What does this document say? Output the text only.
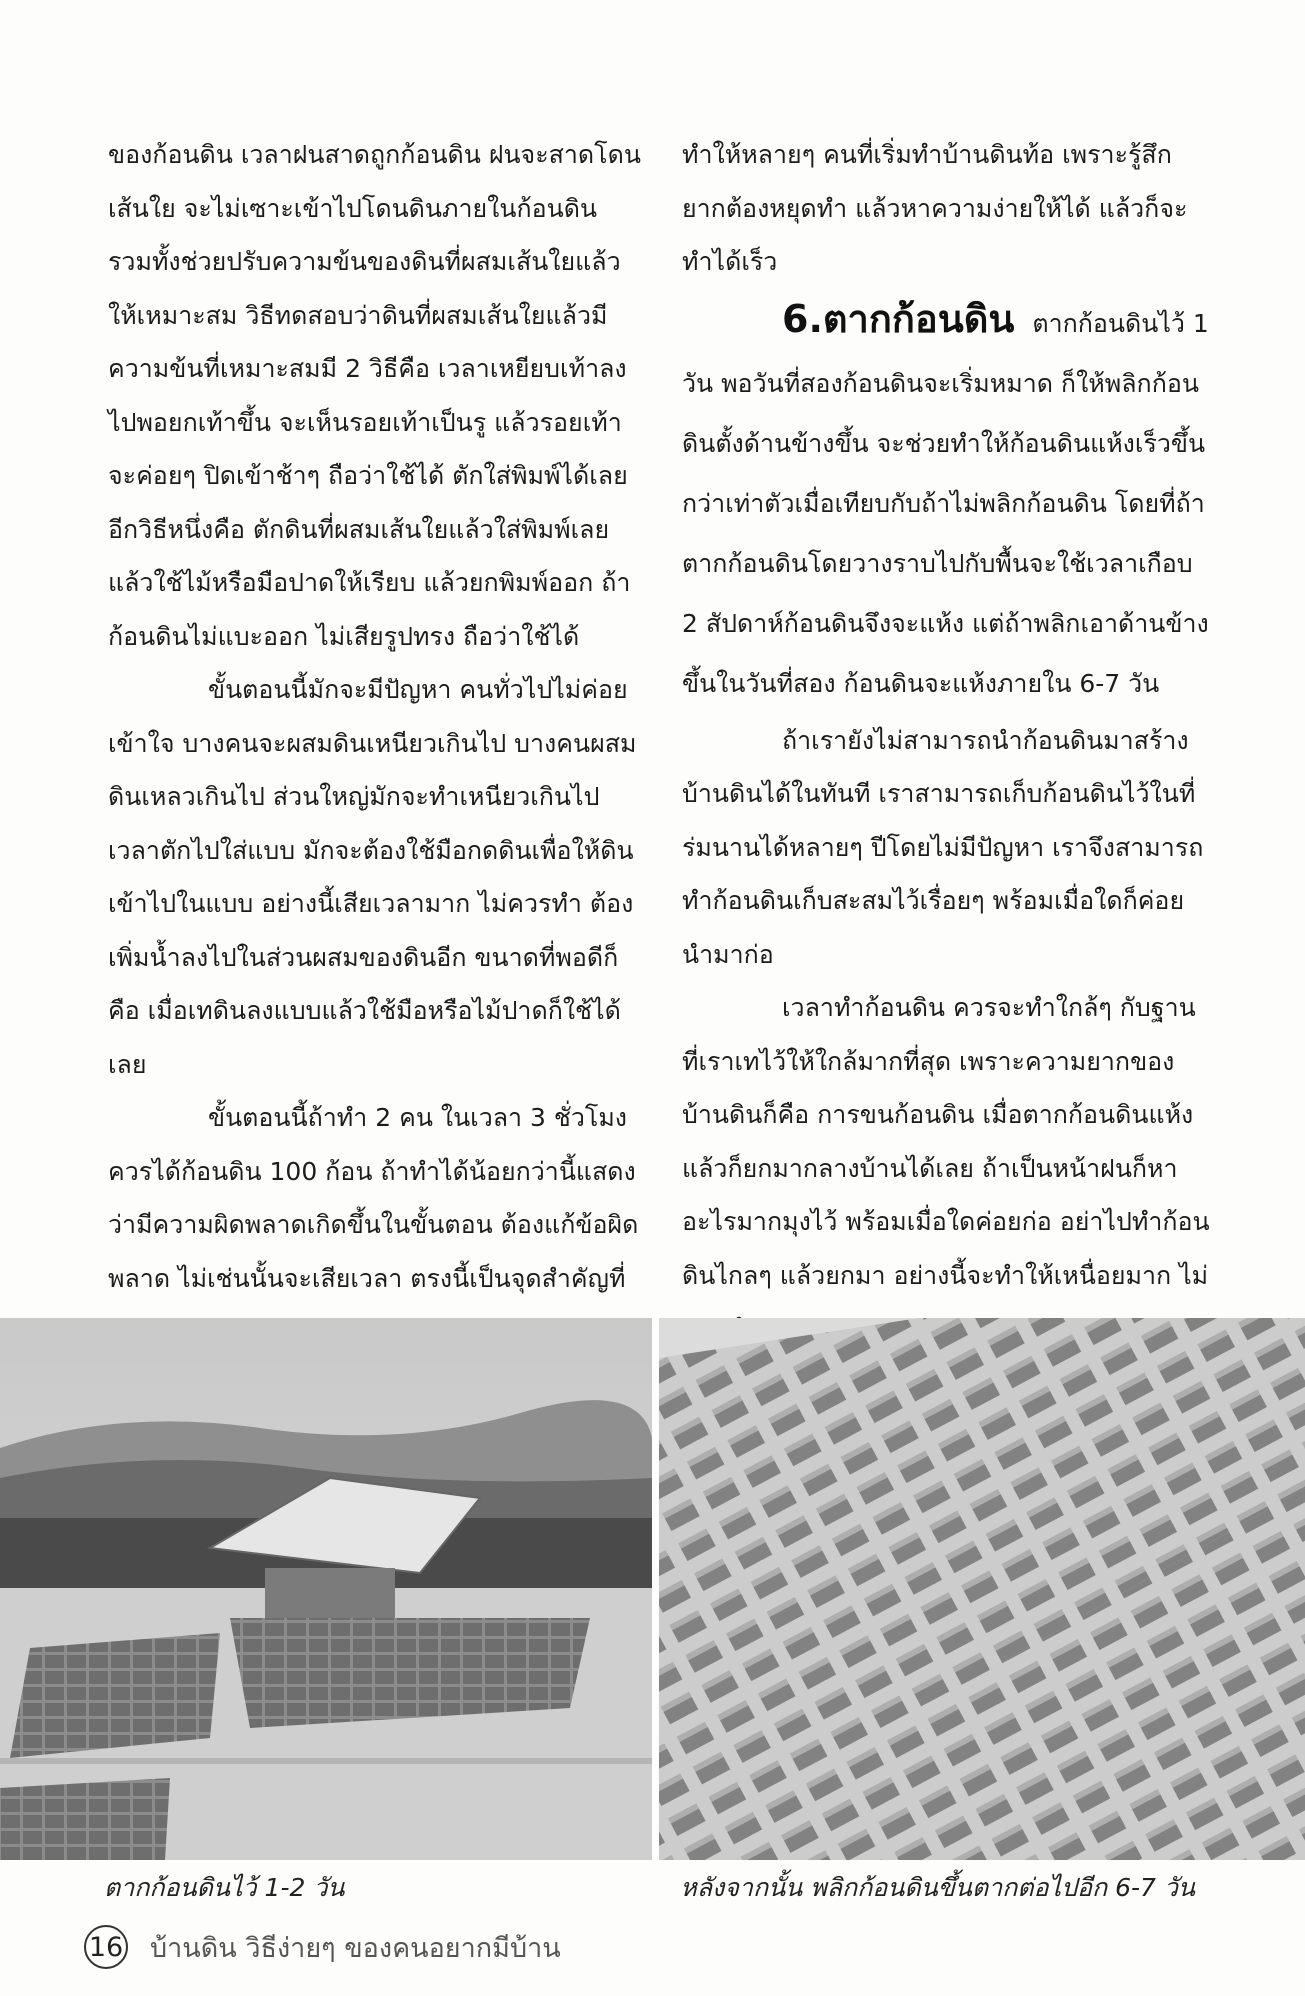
ของก้อนดิน เวลาฝนสาดถูกก้อนดิน ฝนจะสาดโดนเส้นใย จะไม่เซาะเข้าไปโดนดินภายในก้อนดิน รวมทั้งช่วยปรับความข้นของดินที่ผสมเส้นใยแล้วให้เหมาะสม วิธีทดสอบว่าดินที่ผสมเส้นใยแล้วมีความข้นที่เหมาะสมมี 2 วิธีคือ เวลาเหยียบเท้าลงไปพอยกเท้าขึ้น จะเห็นรอยเท้าเป็นรู แล้วรอยเท้าจะค่อยๆ ปิดเข้าช้าๆ ถือว่าใช้ได้ ตักใส่พิมพ์ได้เลย อีกวิธีหนึ่งคือ ตักดินที่ผสมเส้นใยแล้วใส่พิมพ์เลย แล้วใช้ไม้หรือมือปาดให้เรียบ แล้วยกพิมพ์ออก ถ้าก้อนดินไม่แบะออก ไม่เสียรูปทรง ถือว่าใช้ได้

ขั้นตอนนี้มักจะมีปัญหา คนทั่วไปไม่ค่อยเข้าใจ บางคนจะผสมดินเหนียวเกินไป บางคนผสมดินเหลวเกินไป ส่วนใหญ่มักจะทำเหนียวเกินไป เวลาตักไปใส่แบบ มักจะต้องใช้มือกดดินเพื่อให้ดินเข้าไปในแบบ อย่างนี้เสียเวลามาก ไม่ควรทำ ต้องเพิ่มน้ำลงไปในส่วนผสมของดินอีก ขนาดที่พอดีก็คือ เมื่อเทดินลงแบบแล้วใช้มือหรือไม้ปาดก็ใช้ได้เลย

ขั้นตอนนี้ถ้าทำ 2 คน ในเวลา 3 ชั่วโมงควรได้ก้อนดิน 100 ก้อน ถ้าทำได้น้อยกว่านี้แสดงว่ามีความผิดพลาดเกิดขึ้นในขั้นตอน ต้องแก้ข้อผิดพลาด ไม่เช่นนั้นจะเสียเวลา ตรงนี้เป็นจุดสำคัญที่

ทำให้หลายๆ คนที่เริ่มทำบ้านดินท้อ เพราะรู้สึกยากต้องหยุดทำ แล้วหาความง่ายให้ได้ แล้วก็จะทำได้เร็ว

6.ตากก้อนดิน ตากก้อนดินไว้ 1 วัน พอวันที่สองก้อนดินจะเริ่มหมาด ก็ให้พลิกก้อนดินตั้งด้านข้างขึ้น จะช่วยทำให้ก้อนดินแห้งเร็วขึ้นกว่าเท่าตัวเมื่อเทียบกับถ้าไม่พลิกก้อนดิน โดยที่ถ้าตากก้อนดินโดยวางราบไปกับพื้นจะใช้เวลาเกือบ 2 สัปดาห์ก้อนดินจึงจะแห้ง แต่ถ้าพลิกเอาด้านข้างขึ้นในวันที่สอง ก้อนดินจะแห้งภายใน 6-7 วัน

ถ้าเรายังไม่สามารถนำก้อนดินมาสร้างบ้านดินได้ในทันที เราสามารถเก็บก้อนดินไว้ในที่ร่มนานได้หลายๆ ปีโดยไม่มีปัญหา เราจึงสามารถทำก้อนดินเก็บสะสมไว้เรื่อยๆ พร้อมเมื่อใดก็ค่อยนำมาก่อ

เวลาทำก้อนดิน ควรจะทำใกล้ๆ กับฐานที่เราเทไว้ให้ใกล้มากที่สุด เพราะความยากของบ้านดินก็คือ การขนก้อนดิน เมื่อตากก้อนดินแห้งแล้วก็ยกมากลางบ้านได้เลย ถ้าเป็นหน้าฝนก็หาอะไรมากมุงไว้ พร้อมเมื่อใดค่อยก่อ อย่าไปทำก้อนดินไกลๆ แล้วยกมา อย่างนี้จะทำให้เหนื่อยมาก ไม่

ตากก้อนดินไว้ 1-2 วัน	หลังจากนั้น พลิกก้อนดินขึ้นตากต่อไปอีก 6-7 วัน
16 บ้านดิน วิธีง่ายๆ ของคนอยากมีบ้าน
